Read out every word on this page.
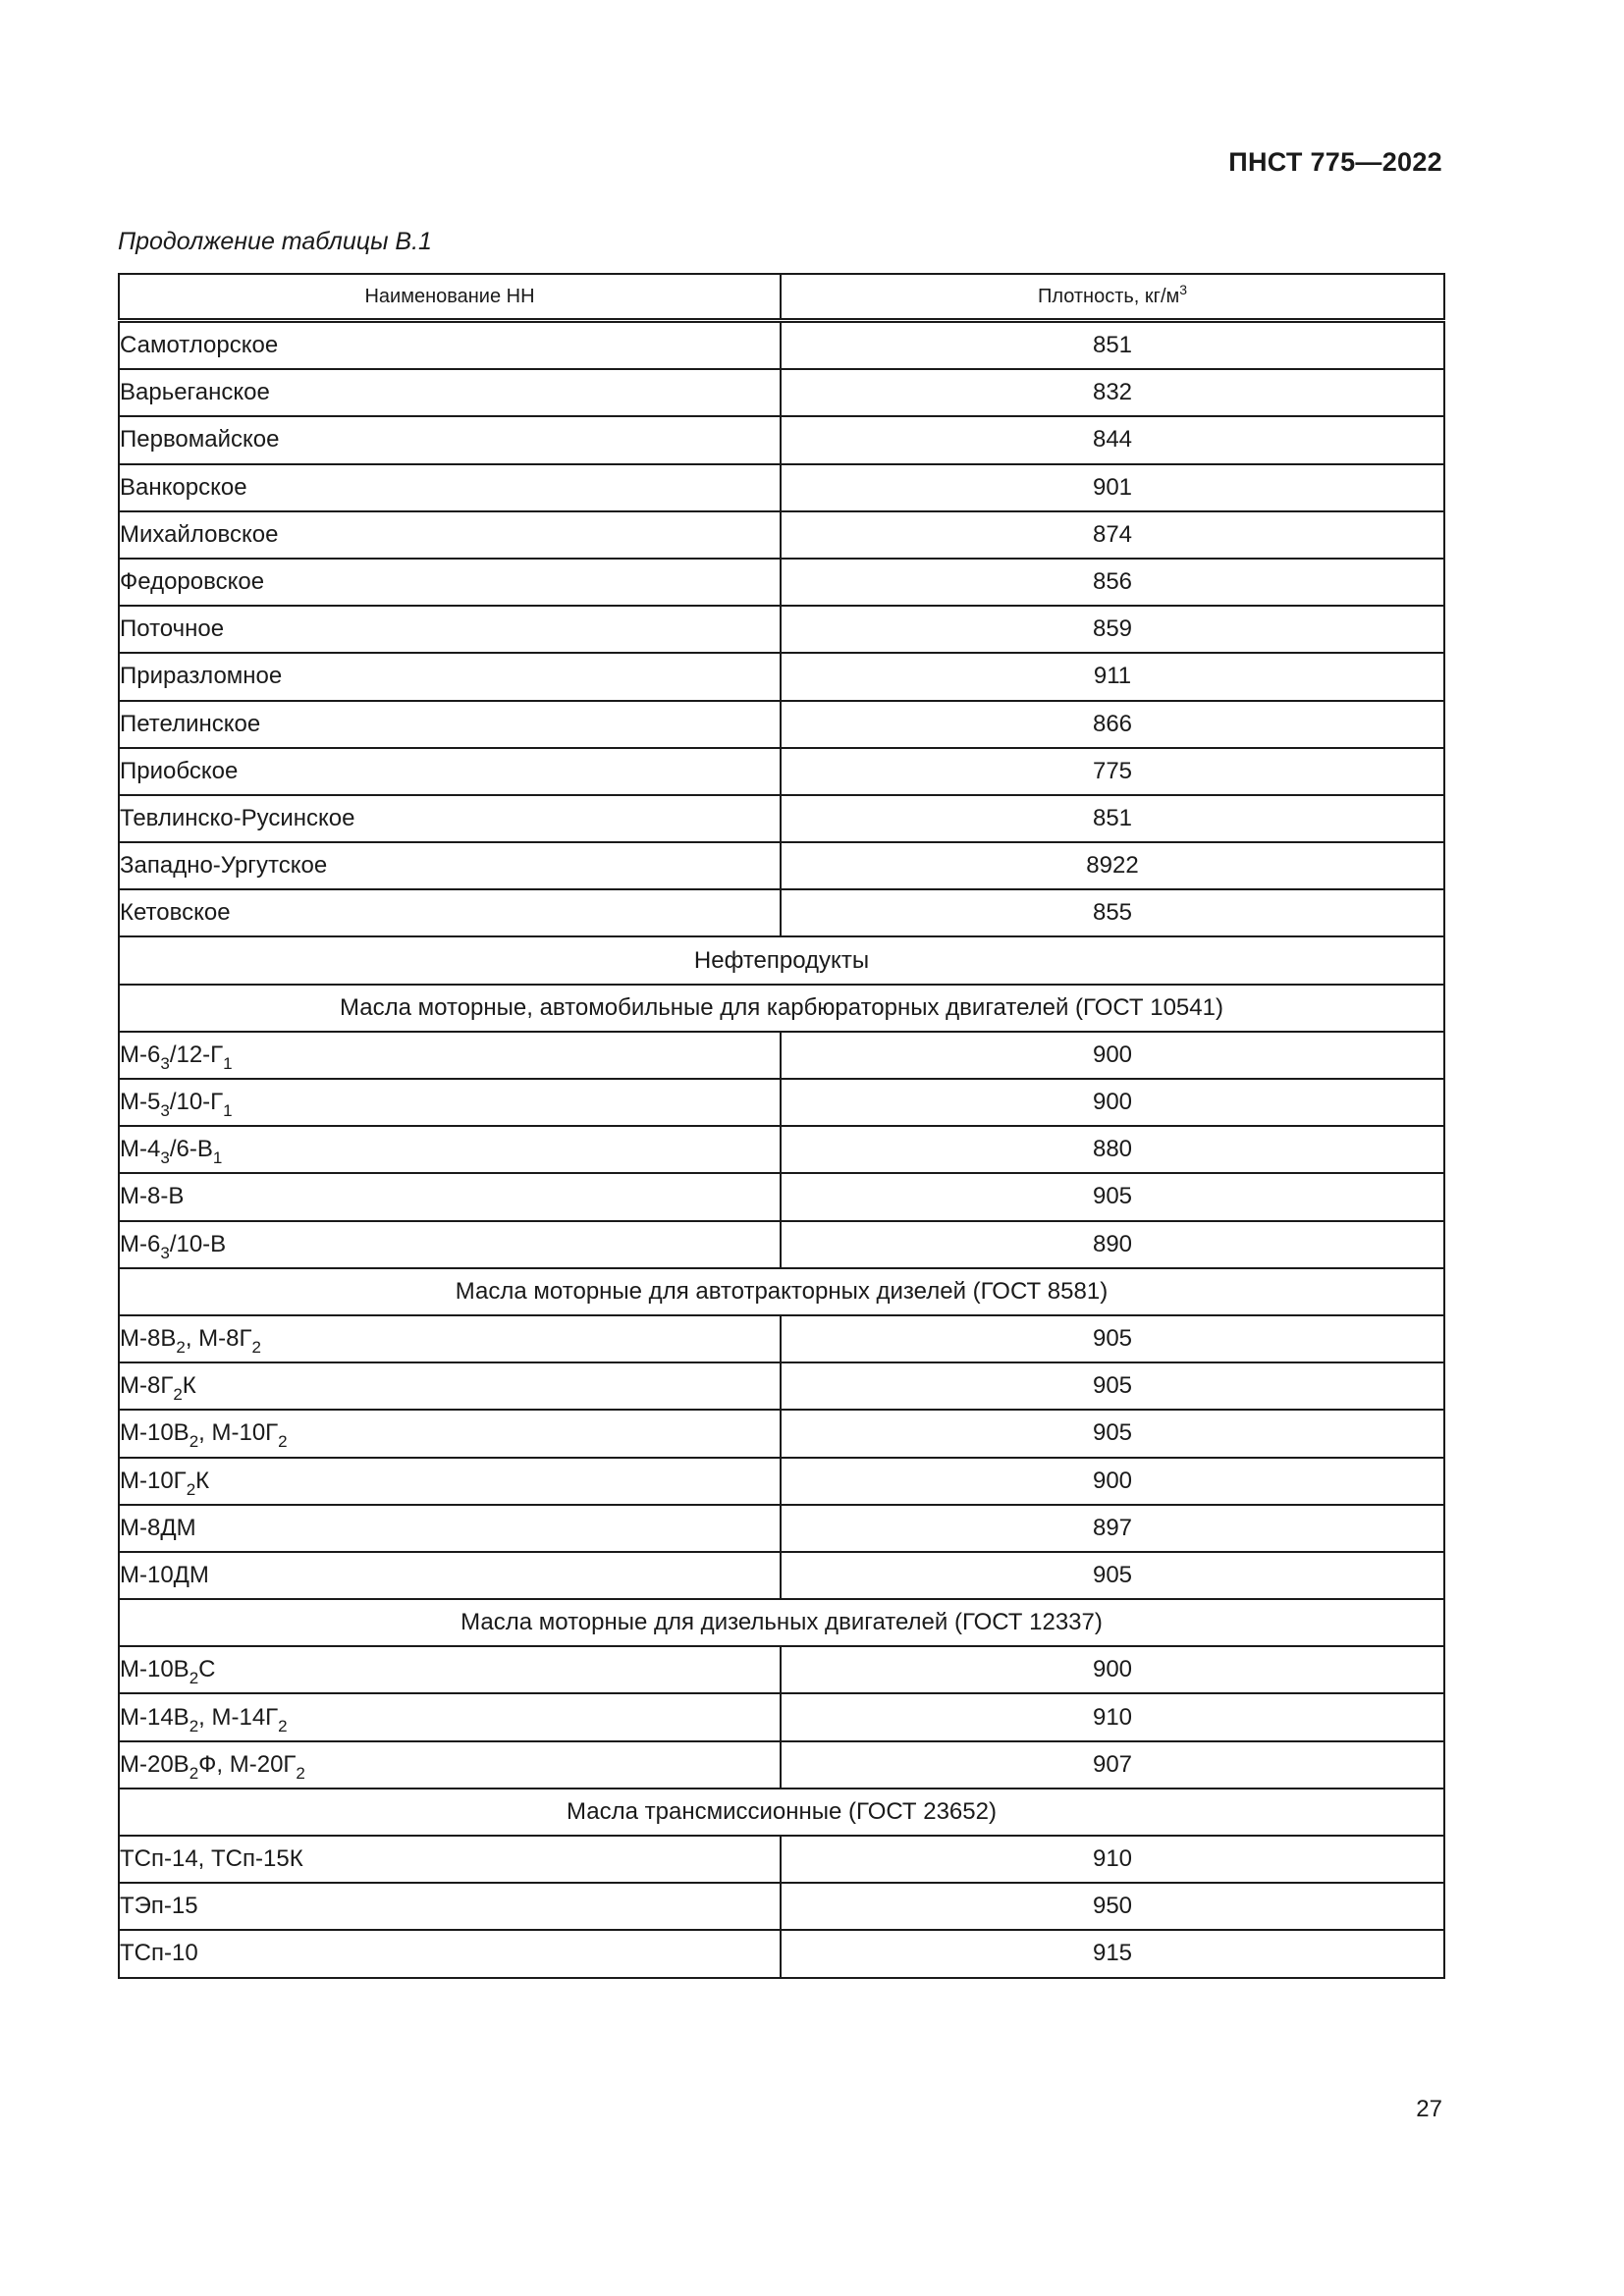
ПНСТ 775—2022
Продолжение таблицы В.1
Наименование НН	Плотность, $кг/м^3$
Самотлорское	851
Варьеганское	832
Первомайское	844
Ванкорское	901
Михайловское	874
Федоровское	856
Поточное	859
Приразломное	911
Петелинское	866
Приобское	775
Тевлинско-Русинское	851
Западно-Ургутское	8922
Кетовское	855
Нефтепродукты	
Масла моторные, автомобильные для карбюраторных двигателей (ГОСТ 10541)	
$М-6_3/12-Г_1$	900
$М-5_3/10-Г_1$	900
$М-4_3/6-В_1$	880
М-8-В	905
$М-6_3/10-В$	890
Масла моторные для автотракторных дизелей (ГОСТ 8581)	
$М-8В_2$, $М-8Г_2$	905
$М-8Г_2К$	905
$М-10В_2$, $М-10Г_2$	905
$М-10Г_2К$	900
М-8ДМ	897
М-10ДМ	905
Масла моторные для дизельных двигателей (ГОСТ 12337)	
$М-10В_2С$	900
$М-14В_2$, $М-14Г_2$	910
$М-20В_2Ф$, $М-20Г_2$	907
Масла трансмиссионные (ГОСТ 23652)	
ТСп-14, ТСп-15К	910
ТЭп-15	950
ТСп-10	915
27
